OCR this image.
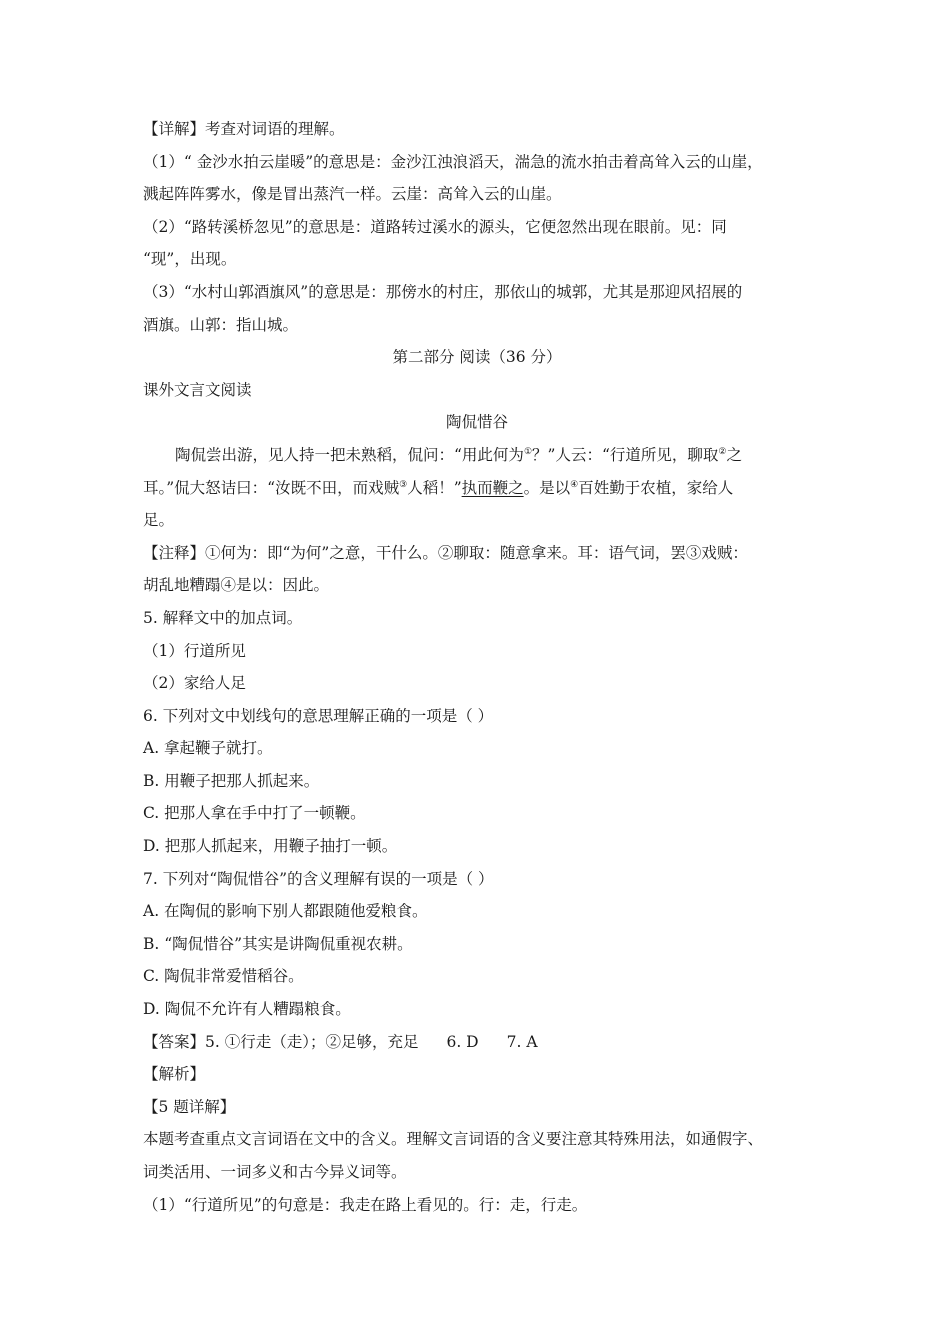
【详解】考查对词语的理解。
（1）“ 金沙水拍云崖暖”的意思是：金沙江浊浪滔天，湍急的流水拍击着高耸入云的山崖，
溅起阵阵雾水，像是冒出蒸汽一样。云崖：高耸入云的山崖。
（2）“路转溪桥忽见”的意思是：道路转过溪水的源头，它便忽然出现在眼前。见：同
“现”，出现。
（3）“水村山郭酒旗风”的意思是：那傍水的村庄，那依山的城郭，尤其是那迎风招展的
酒旗。山郭：指山城。
第二部分 阅读（36 分）
课外文言文阅读
陶侃惜谷
陶侃尝出游，见人持一把未熟稻，侃问：“用此何为①？”人云：“行道所见，聊取②之
耳。”侃大怒诘曰：“汝既不田，而戏贼③人稻！”执而鞭之。是以④百姓勤于农植，家给人
足。
【注释】①何为：即“为何”之意，干什么。②聊取：随意拿来。耳：语气词，罢③戏贼：
胡乱地糟蹋④是以：因此。
5. 解释文中的加点词。
（1）行道所见
（2）家给人足
6. 下列对文中划线句的意思理解正确的一项是（ ）
A. 拿起鞭子就打。
B. 用鞭子把那人抓起来。
C. 把那人拿在手中打了一顿鞭。
D. 把那人抓起来，用鞭子抽打一顿。
7. 下列对“陶侃惜谷”的含义理解有误的一项是（ ）
A. 在陶侃的影响下别人都跟随他爱粮食。
B. “陶侃惜谷”其实是讲陶侃重视农耕。
C. 陶侃非常爱惜稻谷。
D. 陶侃不允许有人糟蹋粮食。
【答案】5. ①行走（走）；②足够，充足 6. D 7. A
【解析】
【5 题详解】
本题考查重点文言词语在文中的含义。理解文言词语的含义要注意其特殊用法，如通假字、
词类活用、一词多义和古今异义词等。
（1）“行道所见”的句意是：我走在路上看见的。行：走，行走。
